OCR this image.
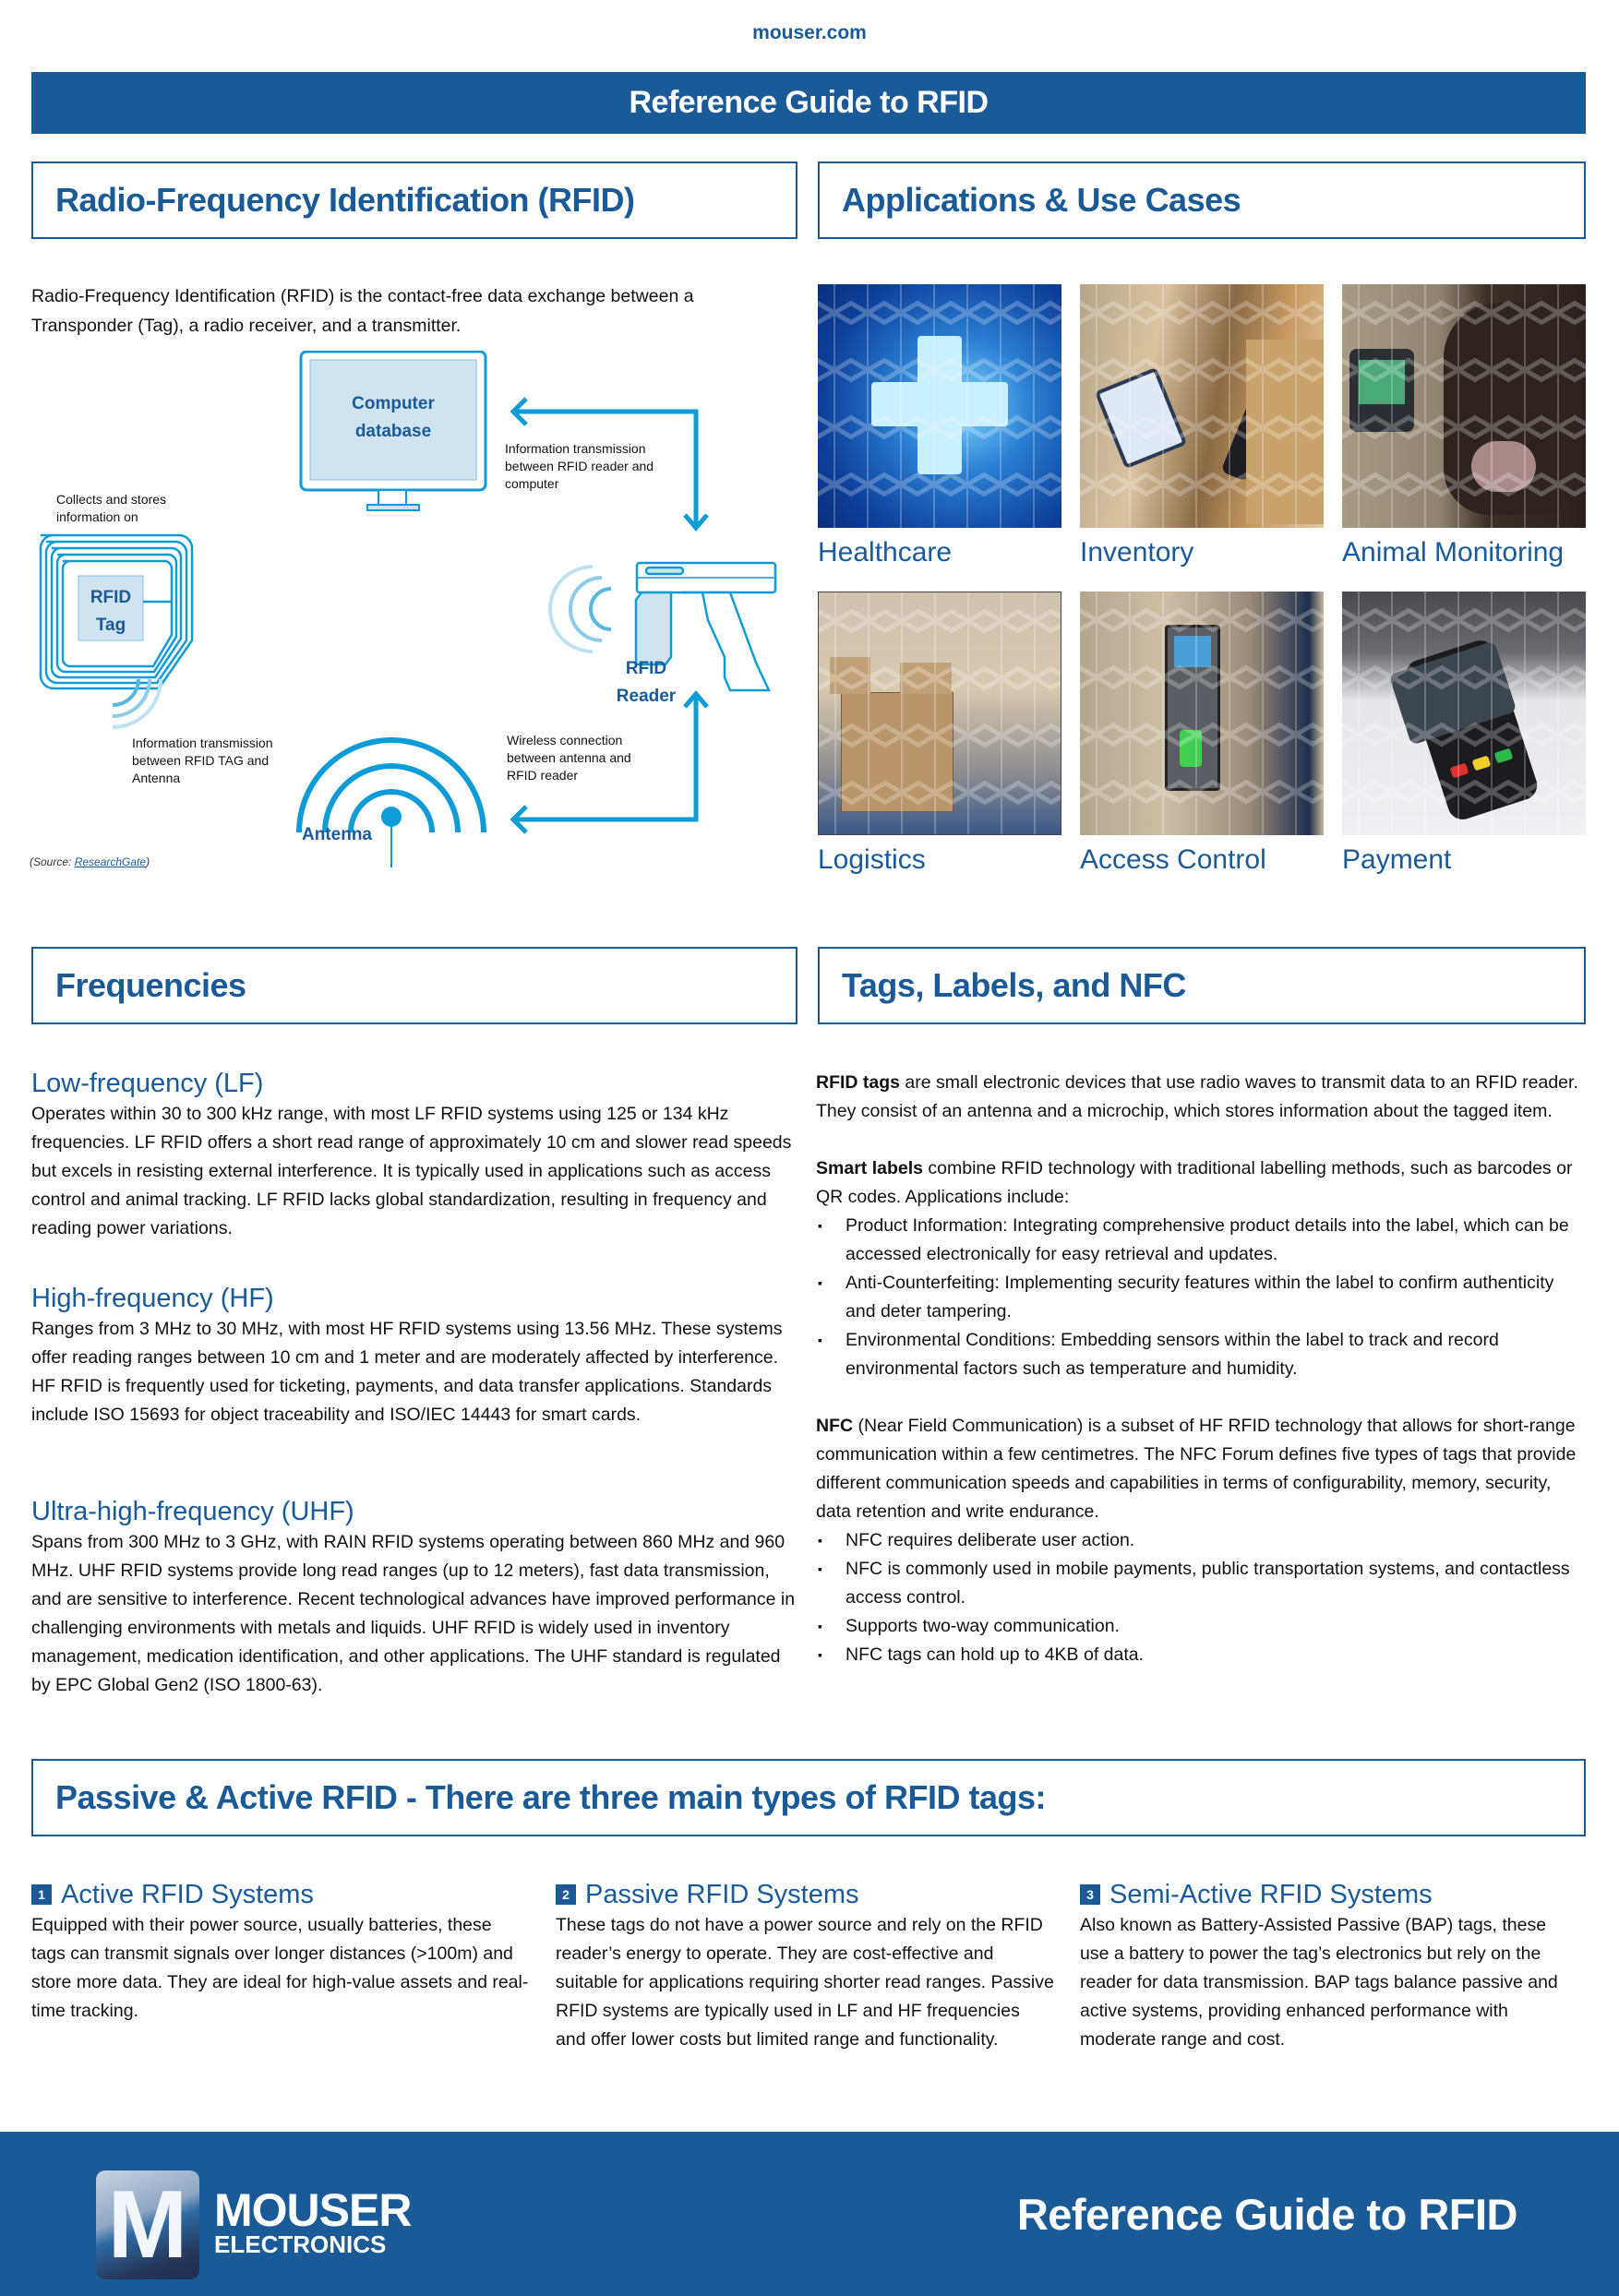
mouser.com
Reference Guide to RFID
Radio-Frequency Identification (RFID)	Applications & Use Cases

Radio-Frequency Identification (RFID) is the contact-free data exchange between a Transponder (Tag), a radio receiver, and a transmitter.

Computer
database
RFID
Tag
RFID
Reader
Antenna
Collects and stores information on
Information transmission between RFID reader and computer
Information transmission between RFID TAG and Antenna
Wireless connection between antenna and RFID reader
(Source: ResearchGate)
Healthcare	Inventory	Animal Monitoring
Logistics	Access Control	Payment
Frequencies	Tags, Labels, and NFC
Low-frequency (LF)

Operates within 30 to 300 kHz range, with most LF RFID systems using 125 or 134 kHz frequencies. LF RFID offers a short read range of approximately 10 cm and slower read speeds but excels in resisting external interference. It is typically used in applications such as access control and animal tracking. LF RFID lacks global standardization, resulting in frequency and reading power variations.

High-frequency (HF)

Ranges from 3 MHz to 30 MHz, with most HF RFID systems using 13.56 MHz. These systems offer reading ranges between 10 cm and 1 meter and are moderately affected by interference. HF RFID is frequently used for ticketing, payments, and data transfer applications. Standards include ISO 15693 for object traceability and ISO/IEC 14443 for smart cards.

Ultra-high-frequency (UHF)

Spans from 300 MHz to 3 GHz, with RAIN RFID systems operating between 860 MHz and 960 MHz. UHF RFID systems provide long read ranges (up to 12 meters), fast data transmission, and are sensitive to interference. Recent technological advances have improved performance in challenging environments with metals and liquids. UHF RFID is widely used in inventory management, medication identification, and other applications. The UHF standard is regulated by EPC Global Gen2 (ISO 1800-63).

RFID tags are small electronic devices that use radio waves to transmit data to an RFID reader. They consist of an antenna and a microchip, which stores information about the tagged item.

Smart labels combine RFID technology with traditional labelling methods, such as barcodes or QR codes. Applications include:

▪ Product Information: Integrating comprehensive product details into the label, which can be accessed electronically for easy retrieval and updates.
▪ Anti-Counterfeiting: Implementing security features within the label to confirm authenticity and deter tampering.
▪ Environmental Conditions: Embedding sensors within the label to track and record environmental factors such as temperature and humidity.

NFC (Near Field Communication) is a subset of HF RFID technology that allows for short-range communication within a few centimetres. The NFC Forum defines five types of tags that provide different communication speeds and capabilities in terms of configurability, memory, security, data retention and write endurance.

▪ NFC requires deliberate user action.
▪ NFC is commonly used in mobile payments, public transportation systems, and contactless access control.
▪ Supports two-way communication.
▪ NFC tags can hold up to 4KB of data.
Passive & Active RFID - There are three main types of RFID tags:
1 Active RFID Systems

Equipped with their power source, usually batteries, these tags can transmit signals over longer distances (>100m) and store more data. They are ideal for high-value assets and real-time tracking.

2 Passive RFID Systems

These tags do not have a power source and rely on the RFID reader’s energy to operate. They are cost-effective and suitable for applications requiring shorter read ranges. Passive RFID systems are typically used in LF and HF frequencies and offer lower costs but limited range and functionality.

3 Semi-Active RFID Systems

Also known as Battery-Assisted Passive (BAP) tags, these use a battery to power the tag’s electronics but rely on the reader for data transmission. BAP tags balance passive and active systems, providing enhanced performance with moderate range and cost.

M MOUSER
ELECTRONICS
Reference Guide to RFID
